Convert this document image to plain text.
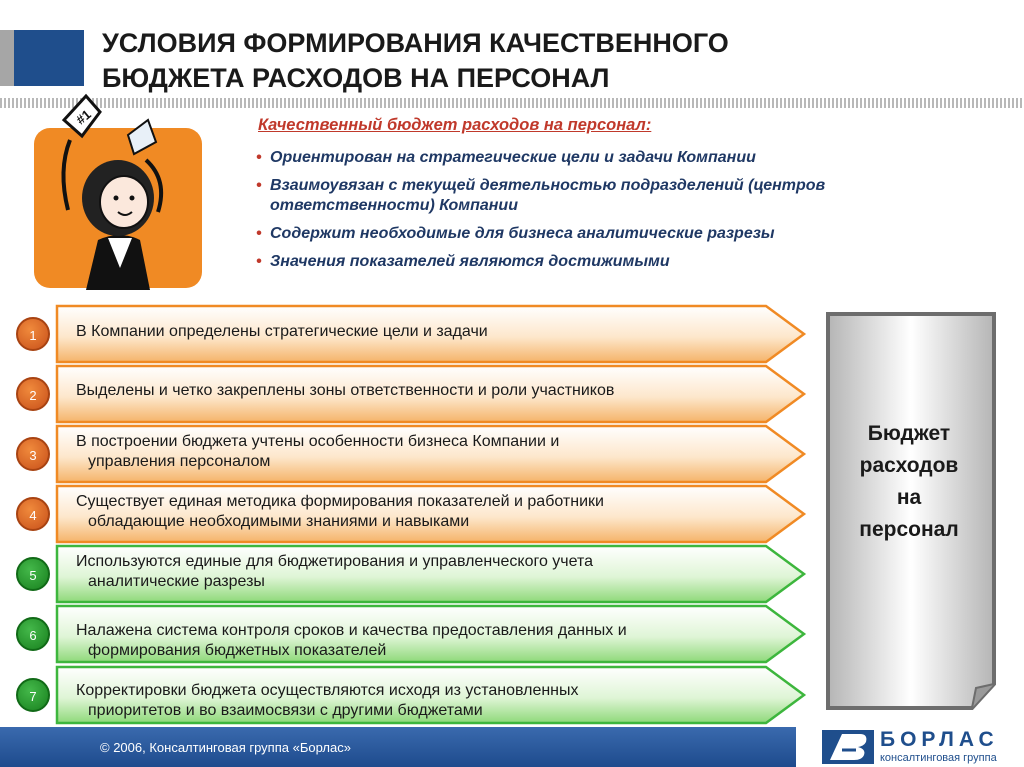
УСЛОВИЯ ФОРМИРОВАНИЯ КАЧЕСТВЕННОГО
БЮДЖЕТА РАСХОДОВ НА ПЕРСОНАЛ
#1	Качественный бюджет расходов на персонал:
• Ориентирован на стратегические цели и задачи Компании
• Взаимоувязан с текущей деятельностью подразделений (центров ответственности) Компании
• Содержит необходимые для бизнеса аналитические разрезы
• Значения показателей являются достижимыми
1
2
3
4
5
6
7
В Компании определены стратегические цели и задачи
Выделены и четко закреплены зоны ответственности и роли участников
В построении бюджета учтены особенности бизнеса Компании и
управления персоналом
Существует единая методика формирования показателей и работники
обладающие необходимыми знаниями и навыками
Используются единые для бюджетирования и управленческого учета
аналитические разрезы
Налажена система контроля сроков и качества предоставления данных и
формирования бюджетных показателей
Корректировки бюджета осуществляются исходя из установленных
приоритетов и во взаимосвязи с другими бюджетами
Бюджет
расходов
на
персонал
© 2006, Консалтинговая группа «Борлас»	БОРЛАС
консалтинговая группа
